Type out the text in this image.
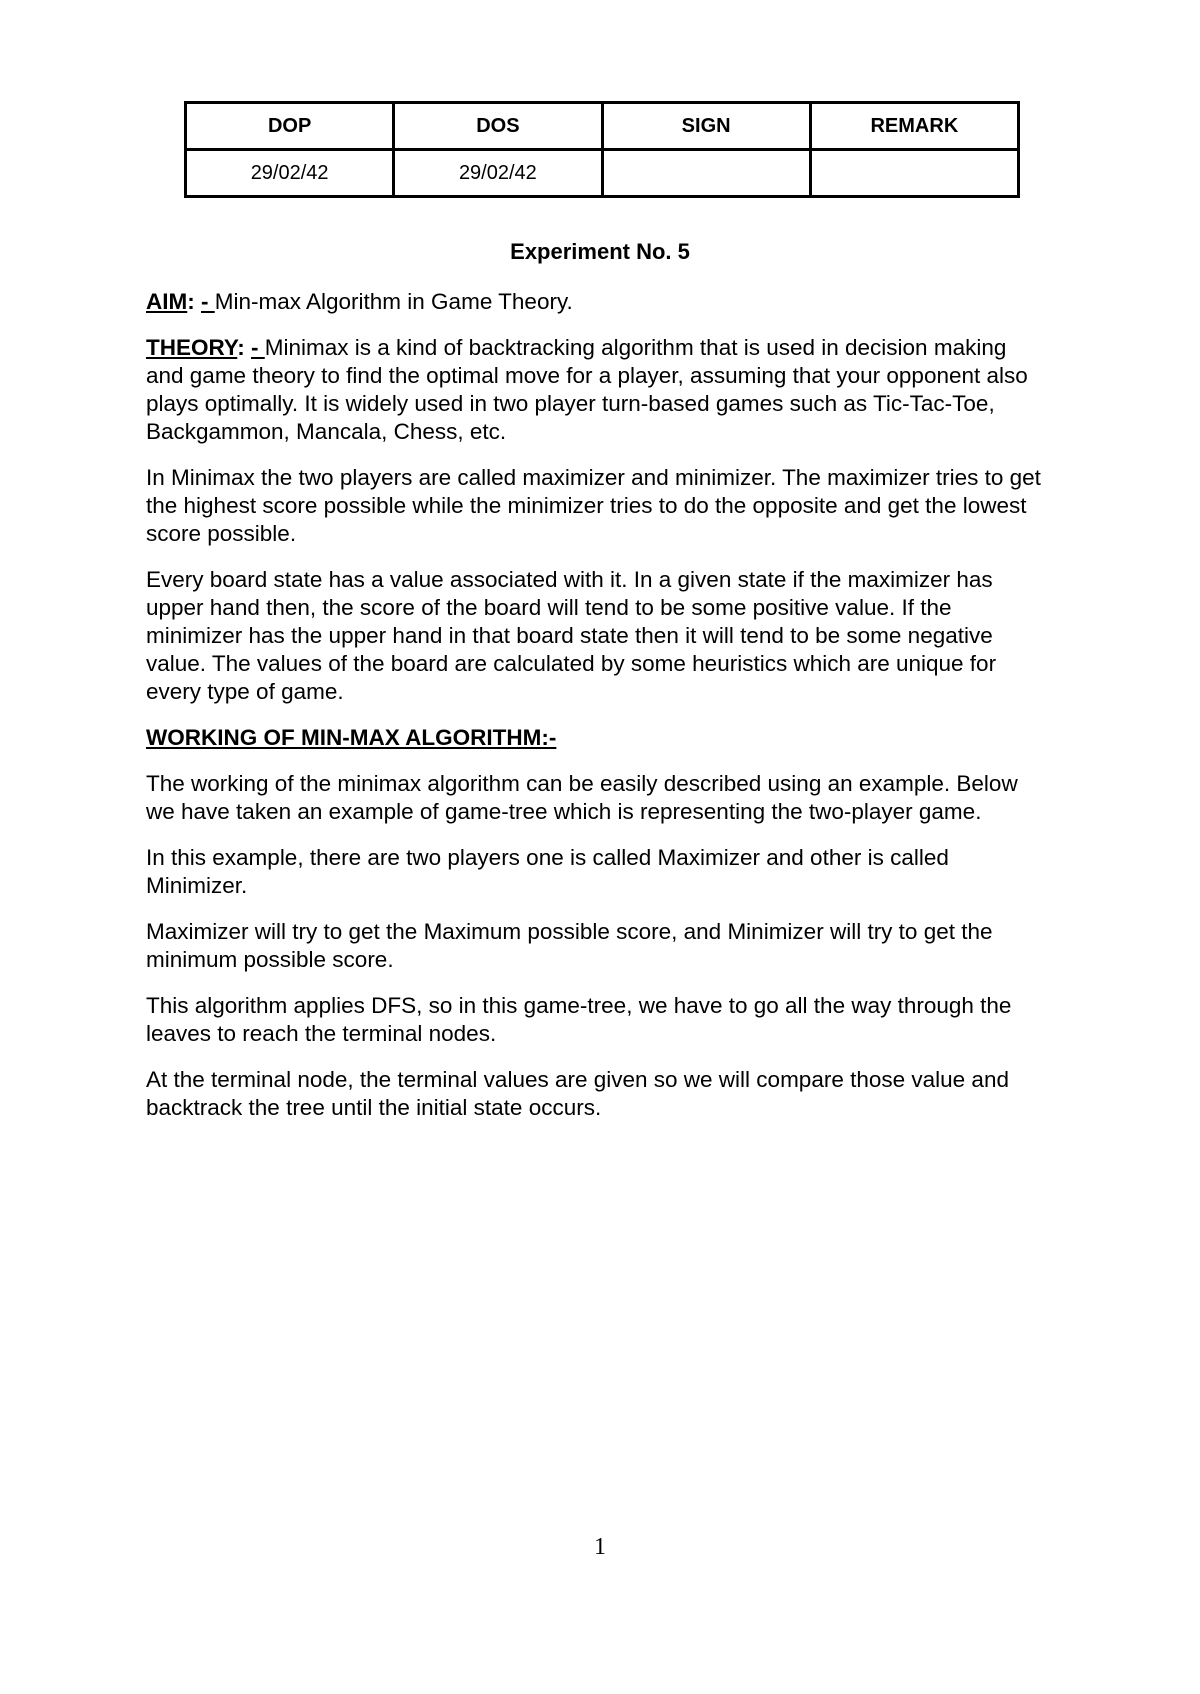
DOP	DOS	SIGN	REMARK
29/02/42	29/02/42		
Experiment No. 5

AIM: - Min-max Algorithm in Game Theory.

THEORY: - Minimax is a kind of backtracking algorithm that is used in decision making and game theory to find the optimal move for a player, assuming that your opponent also plays optimally. It is widely used in two player turn-based games such as Tic-Tac-Toe, Backgammon, Mancala, Chess, etc.

In Minimax the two players are called maximizer and minimizer. The maximizer tries to get the highest score possible while the minimizer tries to do the opposite and get the lowest score possible.

Every board state has a value associated with it. In a given state if the maximizer has upper hand then, the score of the board will tend to be some positive value. If the minimizer has the upper hand in that board state then it will tend to be some negative value. The values of the board are calculated by some heuristics which are unique for every type of game.

WORKING OF MIN-MAX ALGORITHM:-

The working of the minimax algorithm can be easily described using an example. Below we have taken an example of game-tree which is representing the two-player game.

In this example, there are two players one is called Maximizer and other is called Minimizer.

Maximizer will try to get the Maximum possible score, and Minimizer will try to get the minimum possible score.

This algorithm applies DFS, so in this game-tree, we have to go all the way through the leaves to reach the terminal nodes.

At the terminal node, the terminal values are given so we will compare those value and backtrack the tree until the initial state occurs.

1
